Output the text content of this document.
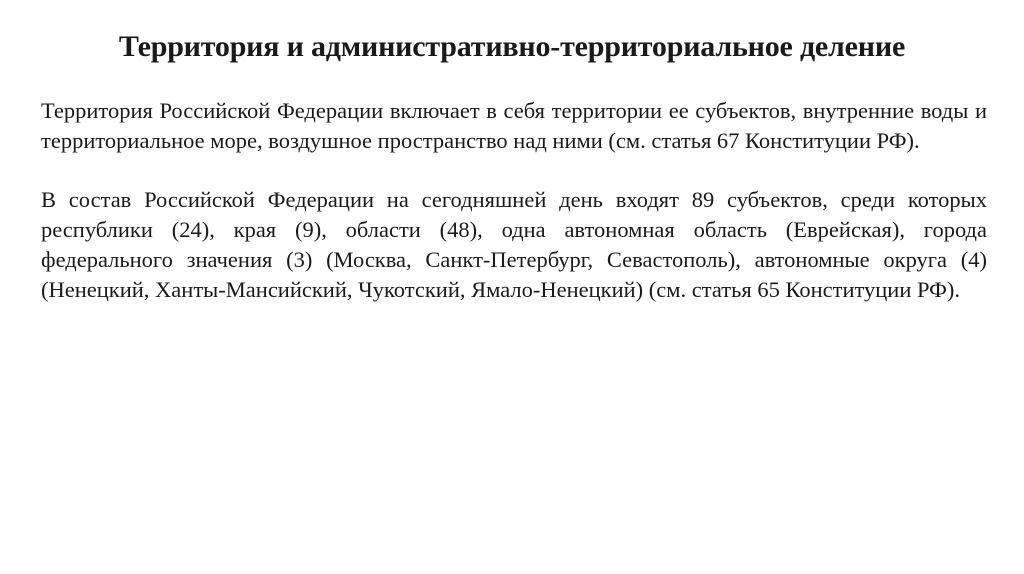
Территория и административно-территориальное деление

Территория Российской Федерации включает в себя территории ее субъектов, внутренние воды и территориальное море, воздушное пространство над ними (см. статья 67 Конституции РФ).

В состав Российской Федерации на сегодняшней день входят 89 субъектов, среди которых республики (24), края (9), области (48), одна автономная область (Еврейская), города федерального значения (3) (Москва, Санкт-Петербург, Севастополь), автономные округа (4) (Ненецкий, Ханты-Мансийский, Чукотский, Ямало-Ненецкий) (см. статья 65 Конституции РФ).
